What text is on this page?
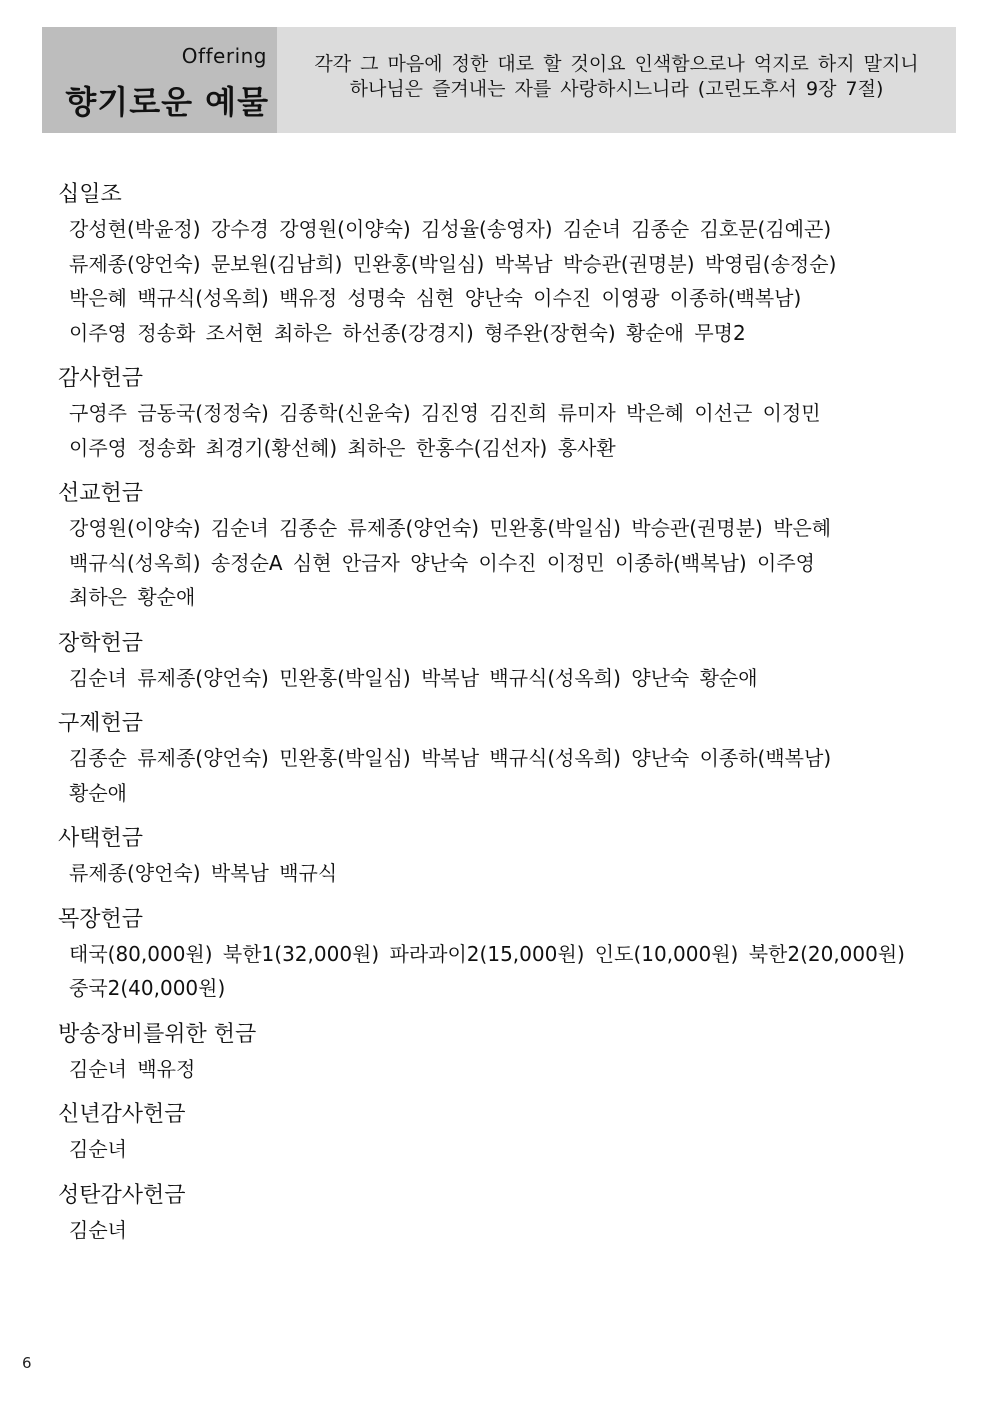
Offering
향기로운 예물
각각 그 마음에 정한 대로 할 것이요 인색함으로나 억지로 하지 말지니
하나님은 즐겨내는 자를 사랑하시느니라 (고린도후서 9장 7절)
십일조
강성현(박윤정) 강수경 강영원(이양숙) 김성율(송영자) 김순녀 김종순 김호문(김예곤)
류제종(양언숙) 문보원(김남희) 민완홍(박일심) 박복남 박승관(권명분) 박영림(송정순)
박은혜 백규식(성옥희) 백유정 성명숙 심현 양난숙 이수진 이영광 이종하(백복남)
이주영 정송화 조서현 최하은 하선종(강경지) 형주완(장현숙) 황순애 무명2
감사헌금
구영주 금동국(정정숙) 김종학(신윤숙) 김진영 김진희 류미자 박은혜 이선근 이정민
이주영 정송화 최경기(황선혜) 최하은 한홍수(김선자) 홍사환
선교헌금
강영원(이양숙) 김순녀 김종순 류제종(양언숙) 민완홍(박일심) 박승관(권명분) 박은혜
백규식(성옥희) 송정순A 심현 안금자 양난숙 이수진 이정민 이종하(백복남) 이주영
최하은 황순애
장학헌금
김순녀 류제종(양언숙) 민완홍(박일심) 박복남 백규식(성옥희) 양난숙 황순애
구제헌금
김종순 류제종(양언숙) 민완홍(박일심) 박복남 백규식(성옥희) 양난숙 이종하(백복남)
황순애
사택헌금
류제종(양언숙) 박복남 백규식
목장헌금
태국(80,000원) 북한1(32,000원) 파라과이2(15,000원) 인도(10,000원) 북한2(20,000원)
중국2(40,000원)
방송장비를위한 헌금
김순녀 백유정
신년감사헌금
김순녀
성탄감사헌금
김순녀
6
